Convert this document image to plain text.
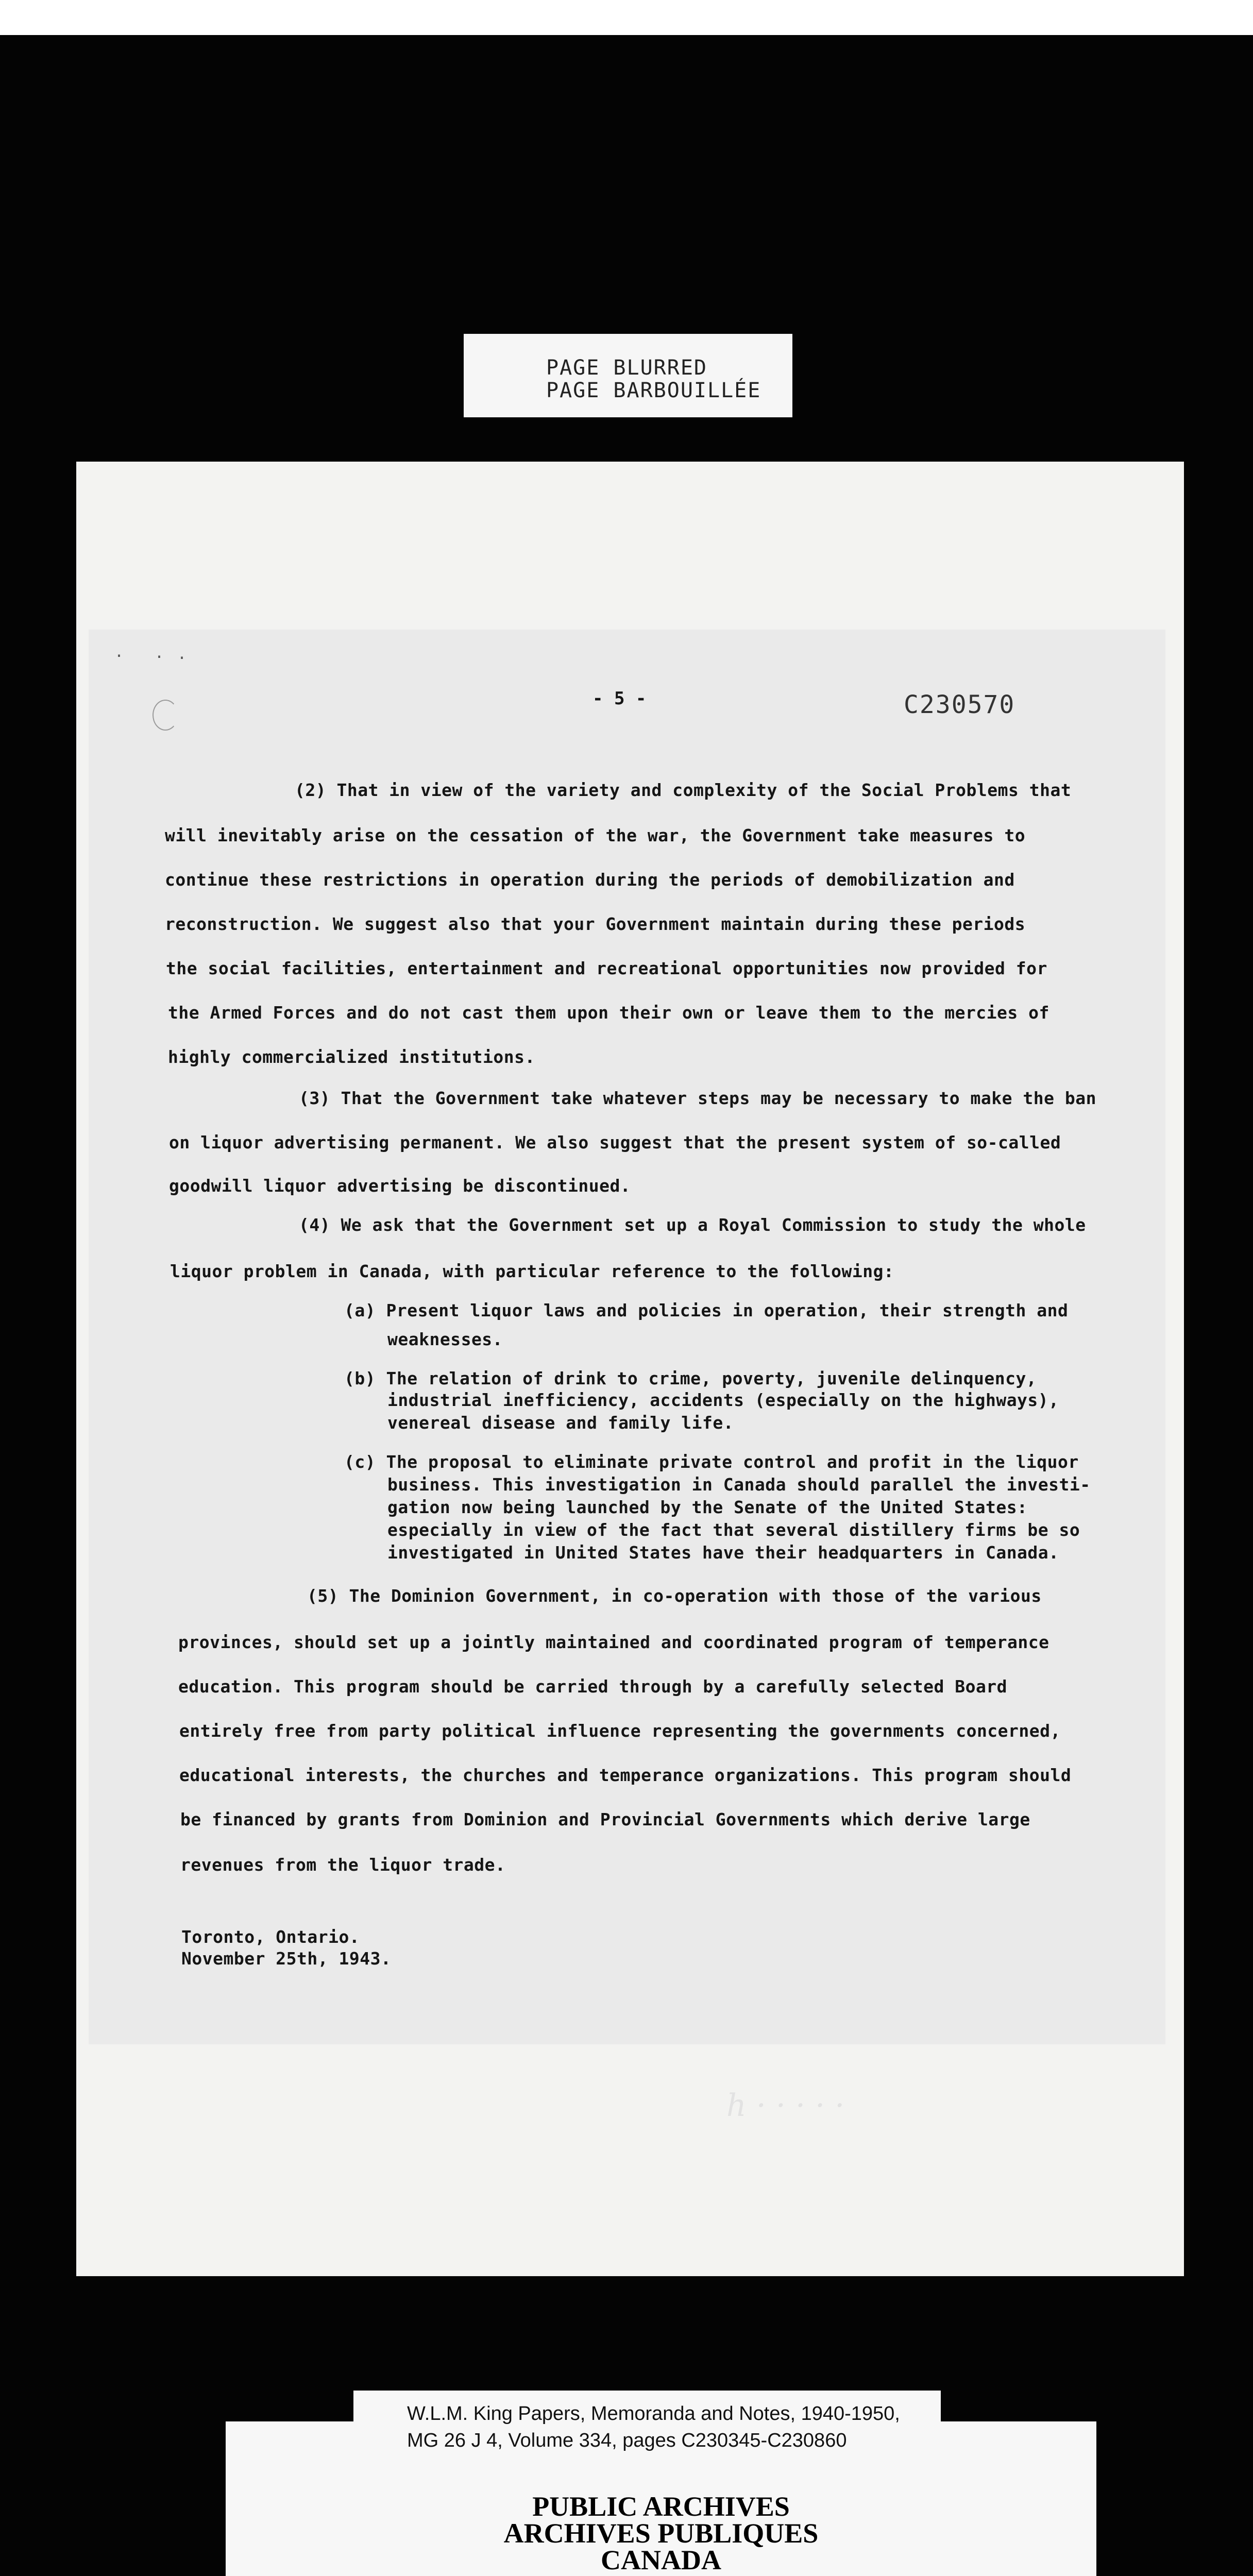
PAGE BLURRED
PAGE BARBOUILLÉE
. . .
- 5 -	C230570
(2) That in view of the variety and complexity of the Social Problems that
will inevitably arise on the cessation of the war, the Government take measures to
continue these restrictions in operation during the periods of demobilization and
reconstruction. We suggest also that your Government maintain during these periods
the social facilities, entertainment and recreational opportunities now provided for
the Armed Forces and do not cast them upon their own or leave them to the mercies of
highly commercialized institutions.
(3) That the Government take whatever steps may be necessary to make the ban
on liquor advertising permanent. We also suggest that the present system of so-called
goodwill liquor advertising be discontinued.
(4) We ask that the Government set up a Royal Commission to study the whole
liquor problem in Canada, with particular reference to the following:
(a) Present liquor laws and policies in operation, their strength and
weaknesses.
(b) The relation of drink to crime, poverty, juvenile delinquency,
industrial inefficiency, accidents (especially on the highways),
venereal disease and family life.
(c) The proposal to eliminate private control and profit in the liquor
business. This investigation in Canada should parallel the investi-
gation now being launched by the Senate of the United States:
especially in view of the fact that several distillery firms be so
investigated in United States have their headquarters in Canada.
(5) The Dominion Government, in co-operation with those of the various
provinces, should set up a jointly maintained and coordinated program of temperance
education. This program should be carried through by a carefully selected Board
entirely free from party political influence representing the governments concerned,
educational interests, the churches and temperance organizations. This program should
be financed by grants from Dominion and Provincial Governments which derive large
revenues from the liquor trade.
Toronto, Ontario.
November 25th, 1943.
h · · · · ·
W.L.M. King Papers, Memoranda and Notes, 1940-1950,
MG 26 J 4, Volume 334, pages C230345-C230860
PUBLIC ARCHIVES
ARCHIVES PUBLIQUES
CANADA
